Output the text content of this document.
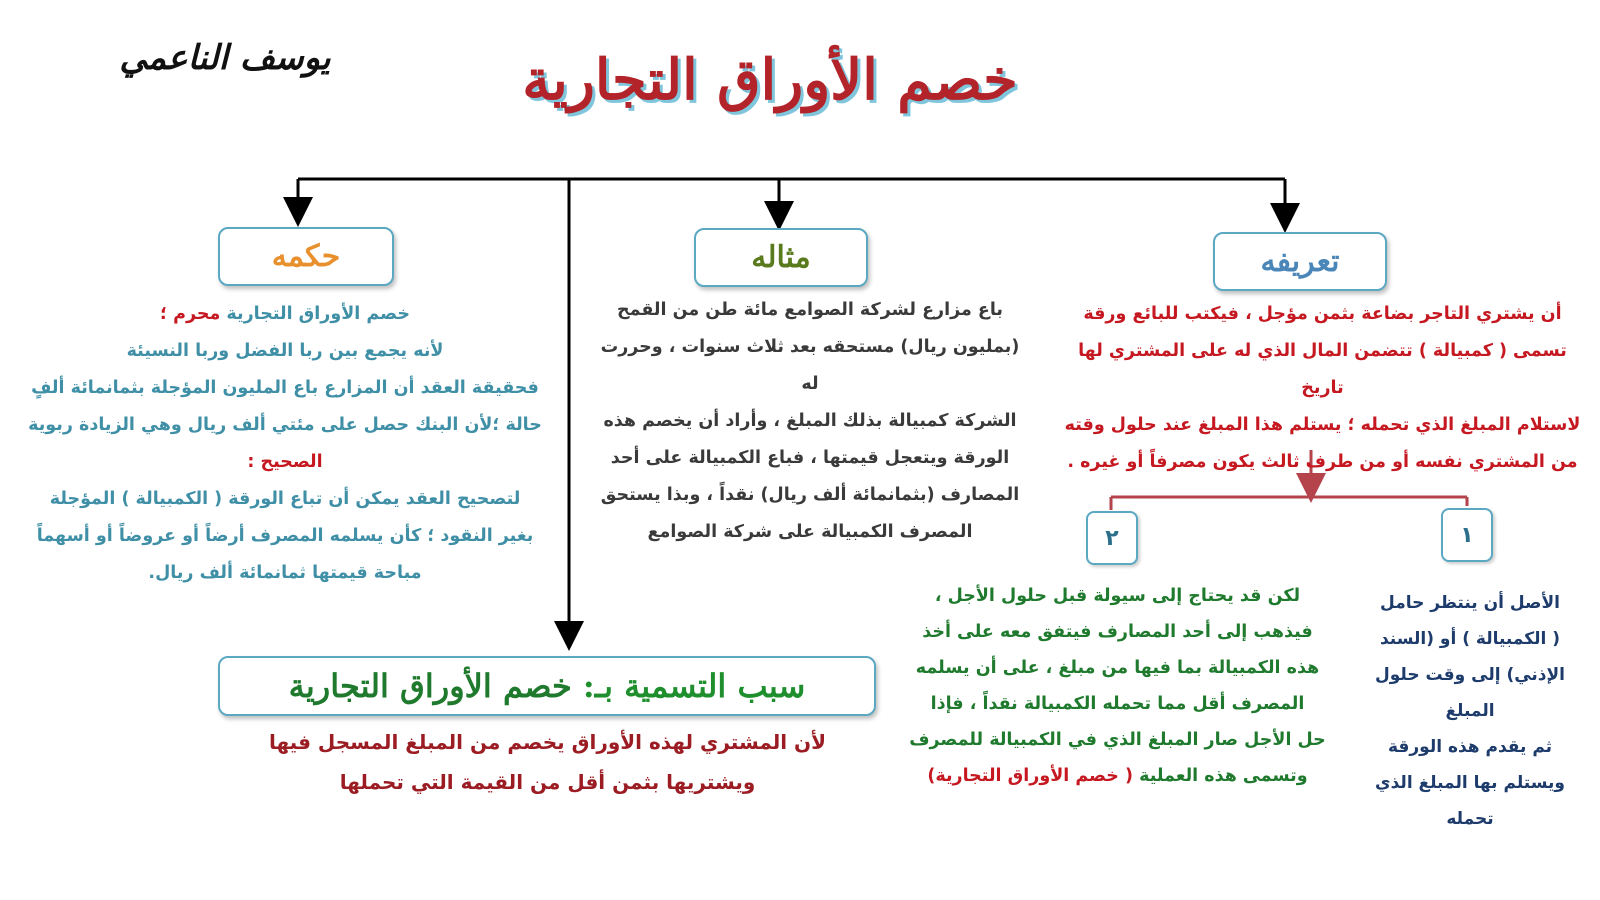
خصم الأوراق التجارية
يوسف الناعمي
تعريفه
مثاله
حكمه

أن يشتري التاجر بضاعة بثمن مؤجل ، فيكتب للبائع ورقة

تسمى ( كمبيالة ) تتضمن المال الذي له على المشتري لها تاريخ

لاستلام المبلغ الذي تحمله ؛ يستلم هذا المبلغ عند حلول وقته

من المشتري نفسه أو من طرف ثالث يكون مصرفاً أو غيره .

باع مزارع لشركة الصوامع مائة طن من القمح

(بمليون ريال) مستحقه بعد ثلاث سنوات ، وحررت له

الشركة كمبيالة بذلك المبلغ ، وأراد أن يخصم هذه

الورقة ويتعجل قيمتها ، فباع الكمبيالة على أحد

المصارف (بثمانمائة ألف ريال) نقداً ، وبذا يستحق

المصرف الكمبيالة على شركة الصوامع

خصم الأوراق التجارية محرم ؛

لأنه يجمع بين ربا الفضل وربا النسيئة

فحقيقة العقد أن المزارع باع المليون المؤجلة بثمانمائة ألفٍ

حالة ؛لأن البنك حصل على مئتي ألف ريال وهي الزيادة ربوية

الصحيح :

لتصحيح العقد يمكن أن تباع الورقة ( الكمبيالة ) المؤجلة

بغير النقود ؛ كأن يسلمه المصرف أرضاً أو عروضاً أو أسهماً

مباحة قيمتها ثمانمائة ألف ريال.

١
٢

الأصل أن ينتظر حامل

( الكمبيالة ) أو (السند

الإذني) إلى وقت حلول المبلغ

ثم يقدم هذه الورقة

ويستلم بها المبلغ الذي

تحمله

لكن قد يحتاج إلى سيولة قبل حلول الأجل ،

فيذهب إلى أحد المصارف فيتفق معه على أخذ

هذه الكمبيالة بما فيها من مبلغ ، على أن يسلمه

المصرف أقل مما تحمله الكمبيالة نقداً ، فإذا

حل الأجل صار المبلغ الذي في الكمبيالة للمصرف

وتسمى هذه العملية ( خصم الأوراق التجارية)

سبب التسمية بـ: خصم الأوراق التجارية

لأن المشتري لهذه الأوراق يخصم من المبلغ المسجل فيها

ويشتريها بثمن أقل من القيمة التي تحملها
